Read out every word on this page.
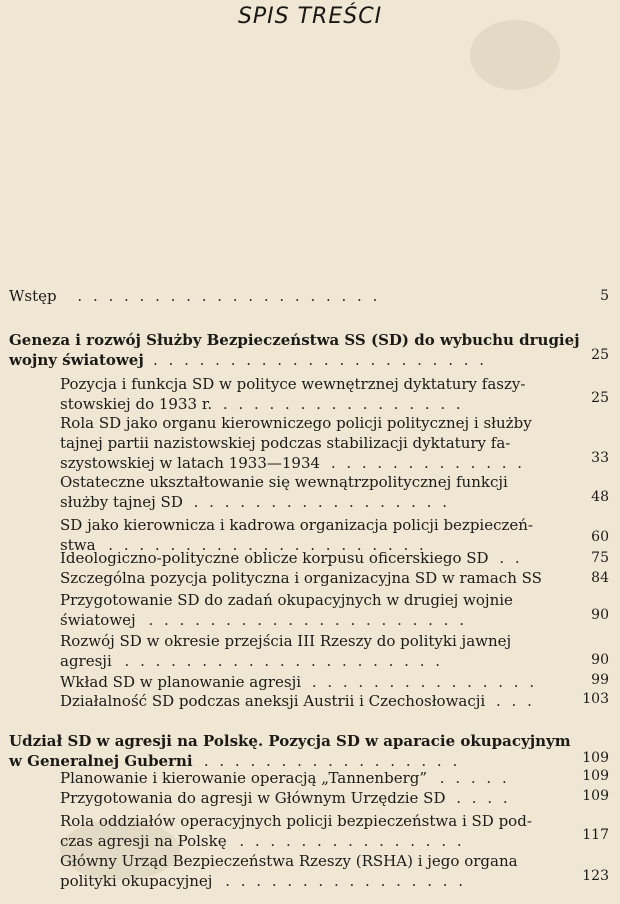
SPIS TREŚCI
Wstęp . . . . . . . . . . . . . . . . . . . .	5
Geneza i rozwój Służby Bezpieczeństwa SS (SD) do wybuchu drugiej
wojny światowej . . . . . . . . . . . . . . . . . . . . . .	25
Pozycja i funkcja SD w polityce wewnętrznej dyktatury faszy-
stowskiej do 1933 r. . . . . . . . . . . . . . . . .	25
Rola SD jako organu kierowniczego policji politycznej i służby
tajnej partii nazistowskiej podczas stabilizacji dyktatury fa-
szystowskiej w latach 1933—1934 . . . . . . . . . . . . .	33
Ostateczne ukształtowanie się wewnątrzpolitycznej funkcji
służby tajnej SD . . . . . . . . . . . . . . . . .	48
SD jako kierownicza i kadrowa organizacja policji bezpieczeń-
stwa . . . . . . . . . . . . . . . . . . . . .	60
Ideologiczno-polityczne oblicze korpusu oficerskiego SD . .	75
Szczególna pozycja polityczna i organizacyjna SD w ramach SS	84
Przygotowanie SD do zadań okupacyjnych w drugiej wojnie
światowej . . . . . . . . . . . . . . . . . . . . .	90
Rozwój SD w okresie przejścia III Rzeszy do polityki jawnej
agresji . . . . . . . . . . . . . . . . . . . . .	90
Wkład SD w planowanie agresji . . . . . . . . . . . . . . .	99
Działalność SD podczas aneksji Austrii i Czechosłowacji . . .	103
Udział SD w agresji na Polskę. Pozycja SD w aparacie okupacyjnym
w Generalnej Guberni . . . . . . . . . . . . . . . . .	109
Planowanie i kierowanie operacją „Tannenberg” . . . . .	109
Przygotowania do agresji w Głównym Urzędzie SD . . . .	109
Rola oddziałów operacyjnych policji bezpieczeństwa i SD pod-
czas agresji na Polskę . . . . . . . . . . . . . . .	117
Główny Urząd Bezpieczeństwa Rzeszy (RSHA) i jego organa
polityki okupacyjnej . . . . . . . . . . . . . . . .	123
